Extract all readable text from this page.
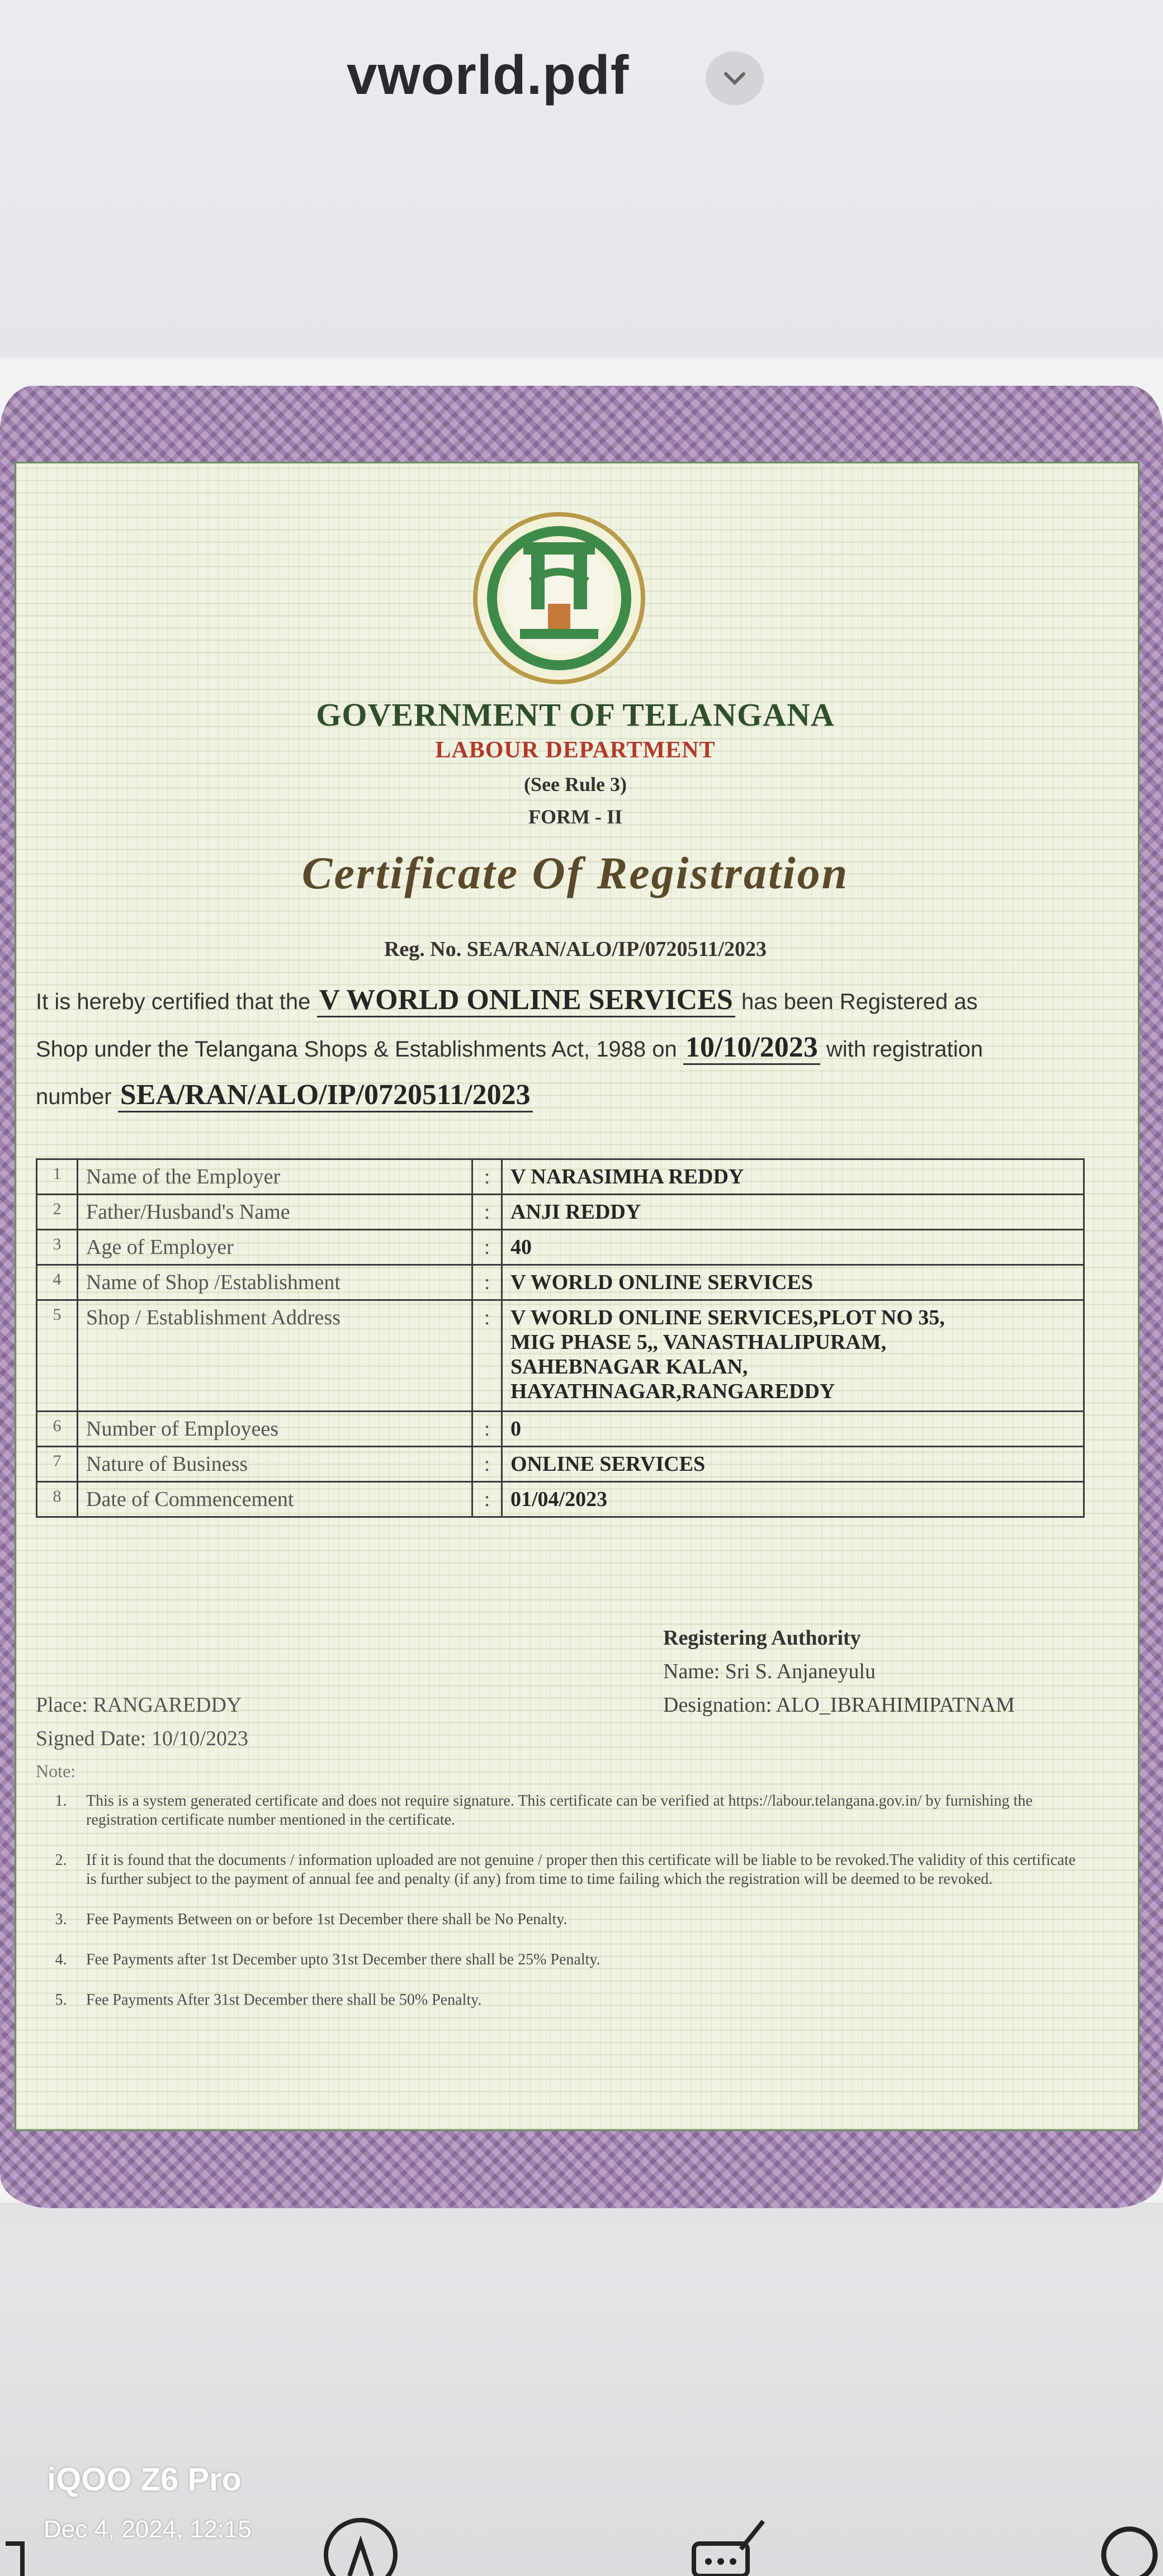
vworld.pdf
GOVERNMENT OF TELANGANA
LABOUR DEPARTMENT
(See Rule 3)
FORM - II
Certificate Of Registration
Reg. No. SEA/RAN/ALO/IP/0720511/2023
It is hereby certified that the V WORLD ONLINE SERVICES has been Registered as
Shop under the Telangana Shops & Establishments Act, 1988 on 10/10/2023 with registration
number SEA/RAN/ALO/IP/0720511/2023
1	Name of the Employer	:	V NARASIMHA REDDY
2	Father/Husband's Name	:	ANJI REDDY
3	Age of Employer	:	40
4	Name of Shop /Establishment	:	V WORLD ONLINE SERVICES
5	Shop / Establishment Address	:	V WORLD ONLINE SERVICES,PLOT NO 35,
MIG PHASE 5,, VANASTHALIPURAM,
SAHEBNAGAR KALAN,
HAYATHNAGAR,RANGAREDDY

6	Number of Employees	:	0
7	Nature of Business	:	ONLINE SERVICES
8	Date of Commencement	:	01/04/2023
Registering Authority
Name: Sri S. Anjaneyulu
Designation: ALO_IBRAHIMIPATNAM
Place: RANGAREDDY
Signed Date: 10/10/2023
Note:
1.	This is a system generated certificate and does not require signature. This certificate can be verified at https://labour.telangana.gov.in/ by furnishing the registration certificate number mentioned in the certificate.
2.	If it is found that the documents / information uploaded are not genuine / proper then this certificate will be liable to be revoked.The validity of this certificate is further subject to the payment of annual fee and penalty (if any) from time to time failing which the registration will be deemed to be revoked.
3.	Fee Payments Between on or before 1st December there shall be No Penalty.
4.	Fee Payments after 1st December upto 31st December there shall be 25% Penalty.
5.	Fee Payments After 31st December there shall be 50% Penalty.
iQOO Z6 Pro
Dec 4, 2024, 12:15
